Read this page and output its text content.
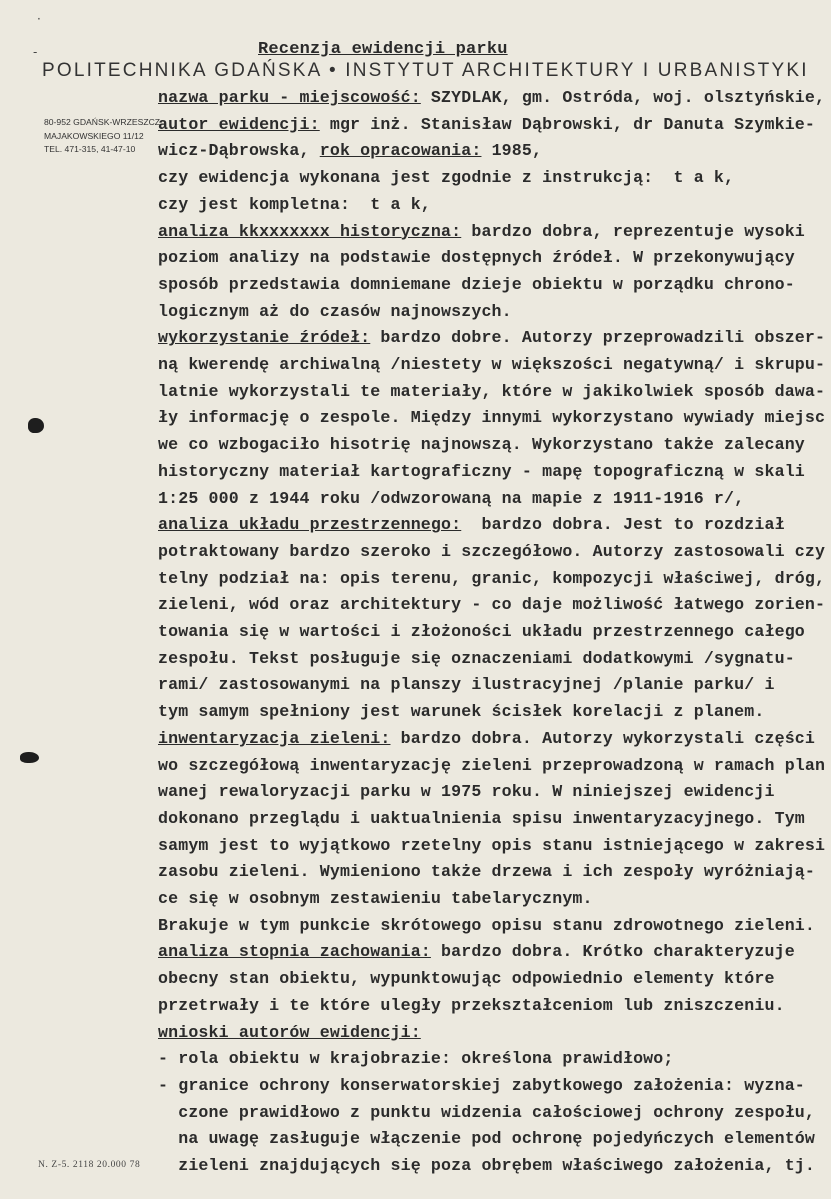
·
-	Recenzja ewidencji parku
POLITECHNIKA GDAŃSKA • INSTYTUT ARCHITEKTURY I URBANISTYKI
80-952 GDAŃSK-WRZESZCZ
MAJAKOWSKIEGO 11/12
TEL. 471-315, 41-47-10
nazwa parku - miejscowość: SZYDLAK, gm. Ostróda, woj. olsztyńskie,
autor ewidencji: mgr inż. Stanisław Dąbrowski, dr Danuta Szymkie-
wicz-Dąbrowska, rok opracowania: 1985,
czy ewidencja wykonana jest zgodnie z instrukcją:  t a k,
czy jest kompletna:  t a k,
analiza kkxxxxxxx historyczna: bardzo dobra, reprezentuje wysoki
poziom analizy na podstawie dostępnych źródeł. W przekonywujący
sposób przedstawia domniemane dzieje obiektu w porządku chrono-
logicznym aż do czasów najnowszych.
wykorzystanie źródeł: bardzo dobre. Autorzy przeprowadzili obszer-
ną kwerendę archiwalną /niestety w większości negatywną/ i skrupu-
latnie wykorzystali te materiały, które w jakikolwiek sposób dawa-
ły informację o zespole. Między innymi wykorzystano wywiady miejsc
we co wzbogaciło hisotrię najnowszą. Wykorzystano także zalecany
historyczny materiał kartograficzny - mapę topograficzną w skali
1:25 000 z 1944 roku /odwzorowaną na mapie z 1911-1916 r/,
analiza układu przestrzennego:  bardzo dobra. Jest to rozdział
potraktowany bardzo szeroko i szczegółowo. Autorzy zastosowali czy
telny podział na: opis terenu, granic, kompozycji właściwej, dróg,
zieleni, wód oraz architektury - co daje możliwość łatwego zorien-
towania się w wartości i złożoności układu przestrzennego całego
zespołu. Tekst posługuje się oznaczeniami dodatkowymi /sygnatu-
rami/ zastosowanymi na planszy ilustracyjnej /planie parku/ i
tym samym spełniony jest warunek ścisłek korelacji z planem.
inwentaryzacja zieleni: bardzo dobra. Autorzy wykorzystali części
wo szczegółową inwentaryzację zieleni przeprowadzoną w ramach plan
wanej rewaloryzacji parku w 1975 roku. W niniejszej ewidencji
dokonano przeglądu i uaktualnienia spisu inwentaryzacyjnego. Tym
samym jest to wyjątkowo rzetelny opis stanu istniejącego w zakresi
zasobu zieleni. Wymieniono także drzewa i ich zespoły wyróżniają-
ce się w osobnym zestawieniu tabelarycznym.
Brakuje w tym punkcie skrótowego opisu stanu zdrowotnego zieleni.
analiza stopnia zachowania: bardzo dobra. Krótko charakteryzuje
obecny stan obiektu, wypunktowując odpowiednio elementy które
przetrwały i te które uległy przekształceniom lub zniszczeniu.
wnioski autorów ewidencji:
- rola obiektu w krajobrazie: określona prawidłowo;
- granice ochrony konserwatorskiej zabytkowego założenia: wyzna-
czone prawidłowo z punktu widzenia całościowej ochrony zespołu,
na uwagę zasługuje włączenie pod ochronę pojedyńczych elementów
zieleni znajdujących się poza obrębem właściwego założenia, tj.
N. Z-5. 2118 20.000 78
